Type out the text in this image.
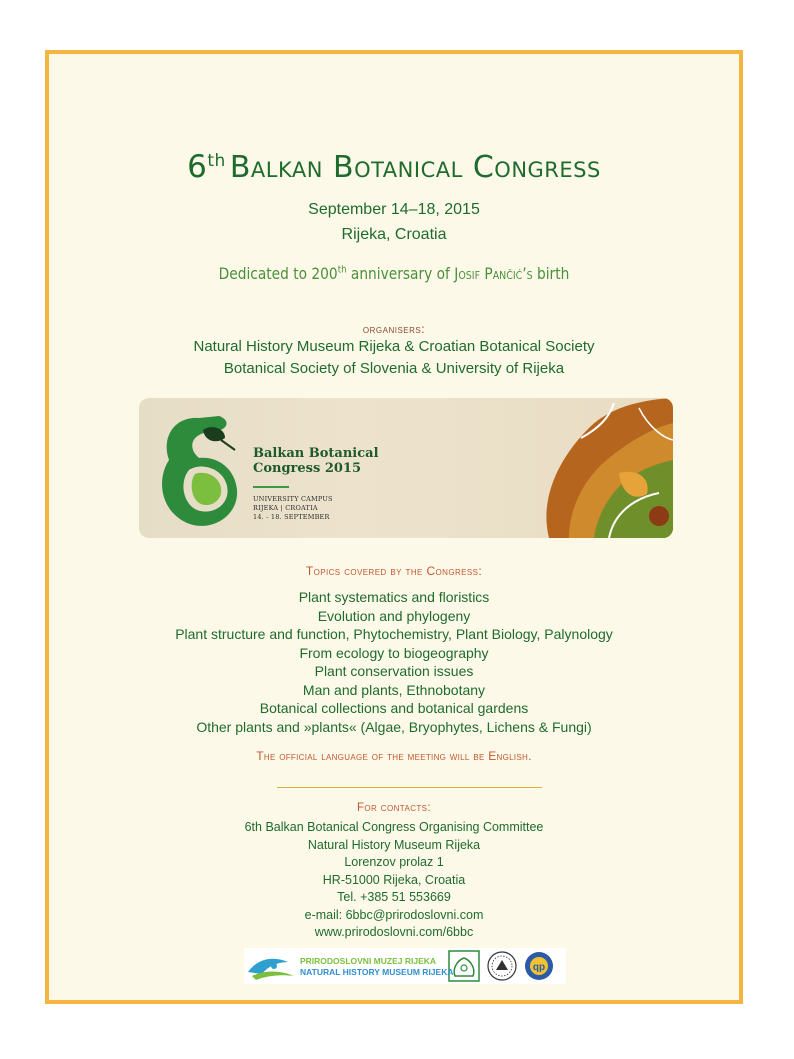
6th Balkan Botanical Congress
September 14–18, 2015
Rijeka, Croatia
Dedicated to 200th anniversary of Josif Pančić’s birth
organisers:
Natural History Museum Rijeka & Croatian Botanical Society
Botanical Society of Slovenia & University of Rijeka
Balkan Botanical
Congress 2015
UNIVERSITY CAMPUS
RIJEKA | CROATIA
14. - 18. SEPTEMBER
Topics covered by the Congress:
Plant systematics and floristics
Evolution and phylogeny
Plant structure and function, Phytochemistry, Plant Biology, Palynology
From ecology to biogeography
Plant conservation issues
Man and plants, Ethnobotany
Botanical collections and botanical gardens
Other plants and »plants« (Algae, Bryophytes, Lichens & Fungi)
The official language of the meeting will be English.
For contacts:
6th Balkan Botanical Congress Organising Committee
Natural History Museum Rijeka
Lorenzov prolaz 1
HR-51000 Rijeka, Croatia
Tel. +385 51 553669
e-mail: 6bbc@prirodoslovni.com
www.prirodoslovni.com/6bbc
qp
PRIRODOSLOVNI MUZEJ RIJEKA
NATURAL HISTORY MUSEUM RIJEKA
